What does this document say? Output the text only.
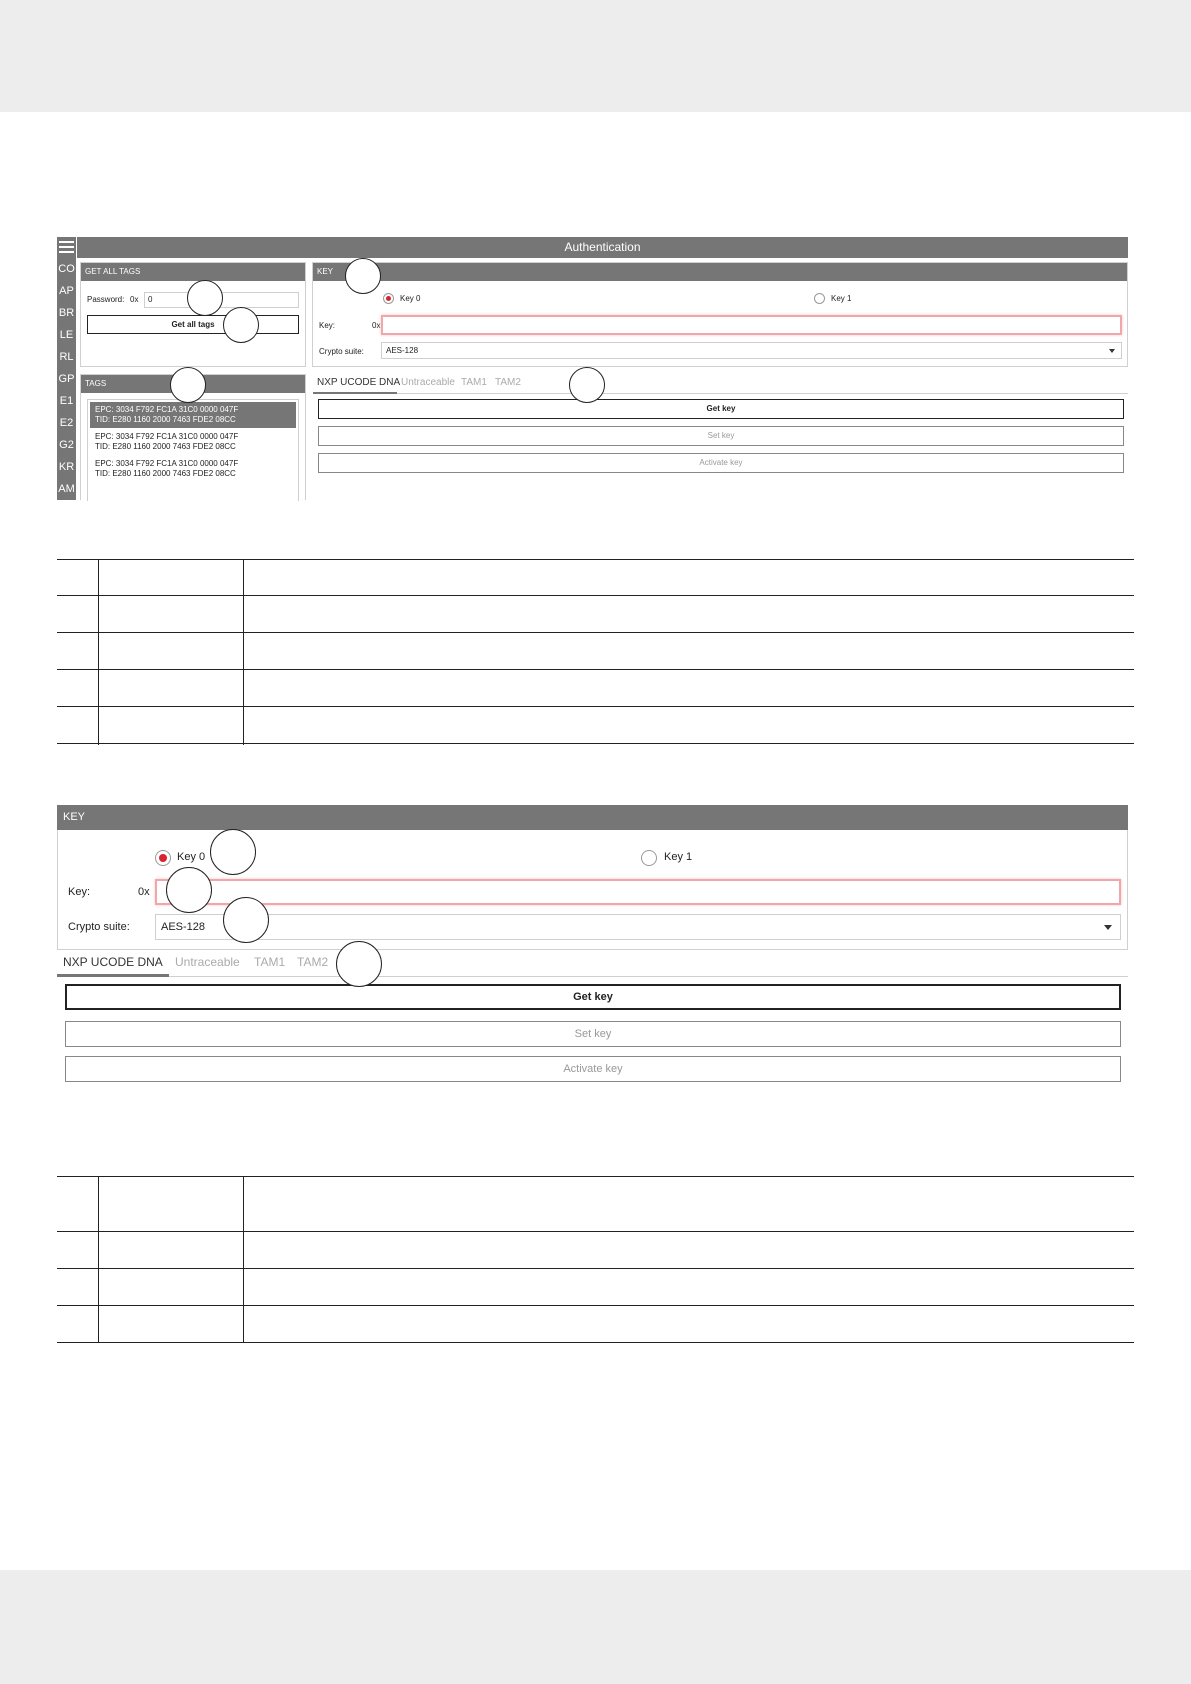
CO
AP
BR
LE
RL
GP
E1
E2
G2
KR
AM
Authentication
GET ALL TAGS
Password: 0x	0
Get all tags
TAGS
EPC: 3034 F792 FC1A 31C0 0000 047F
TID: E280 1160 2000 7463 FDE2 08CC
EPC: 3034 F792 FC1A 31C0 0000 047F
TID: E280 1160 2000 7463 FDE2 08CC
EPC: 3034 F792 FC1A 31C0 0000 047F
TID: E280 1160 2000 7463 FDE2 08CC
KEY
Key 0	Key 1
Key:	0x
Crypto suite:	AES-128
NXP UCODE DNA Untraceable TAM1 TAM2
Get key
Set key
Activate key
KEY
Key 0	Key 1
Key:	0x
Crypto suite:	AES-128
NXP UCODE DNA Untraceable TAM1 TAM2
Get key
Set key
Activate key
